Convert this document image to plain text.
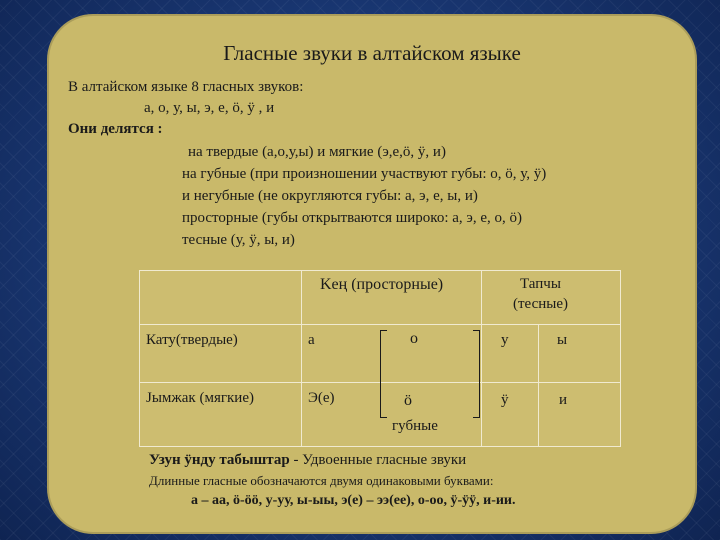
Гласные звуки в алтайском языке
В алтайском языке 8 гласных звуков:
а, о, у, ы, э, е, ӧ, ӱ , и
Они делятся :
на твердые (а,о,у,ы) и мягкие (э,е,ӧ, ӱ, и)
на губные (при произношении участвуют губы: о, ӧ, у, ӱ)
и негубные (не округляются губы: а, э, е, ы, и)
просторные (губы открытваются широко: а, э, е, о, ӧ)
тесные (у, ӱ, ы, и)
Keң (просторные)	Тапчы
(тесные)
Кату(твердые)	а	о	у	ы
Јымжак (мягкие)	Э(е)	ӧ	ӱ	и
губные
Узун ӱнду табыштар - Удвоенные гласные звуки
Длинные гласные обозначаются двумя одинаковыми буквами:
а – аа, ӧ-ӧӧ, у-уу, ы-ыы, э(е) – ээ(ее), о-оо, ӱ-ӱӱ, и-ии.
